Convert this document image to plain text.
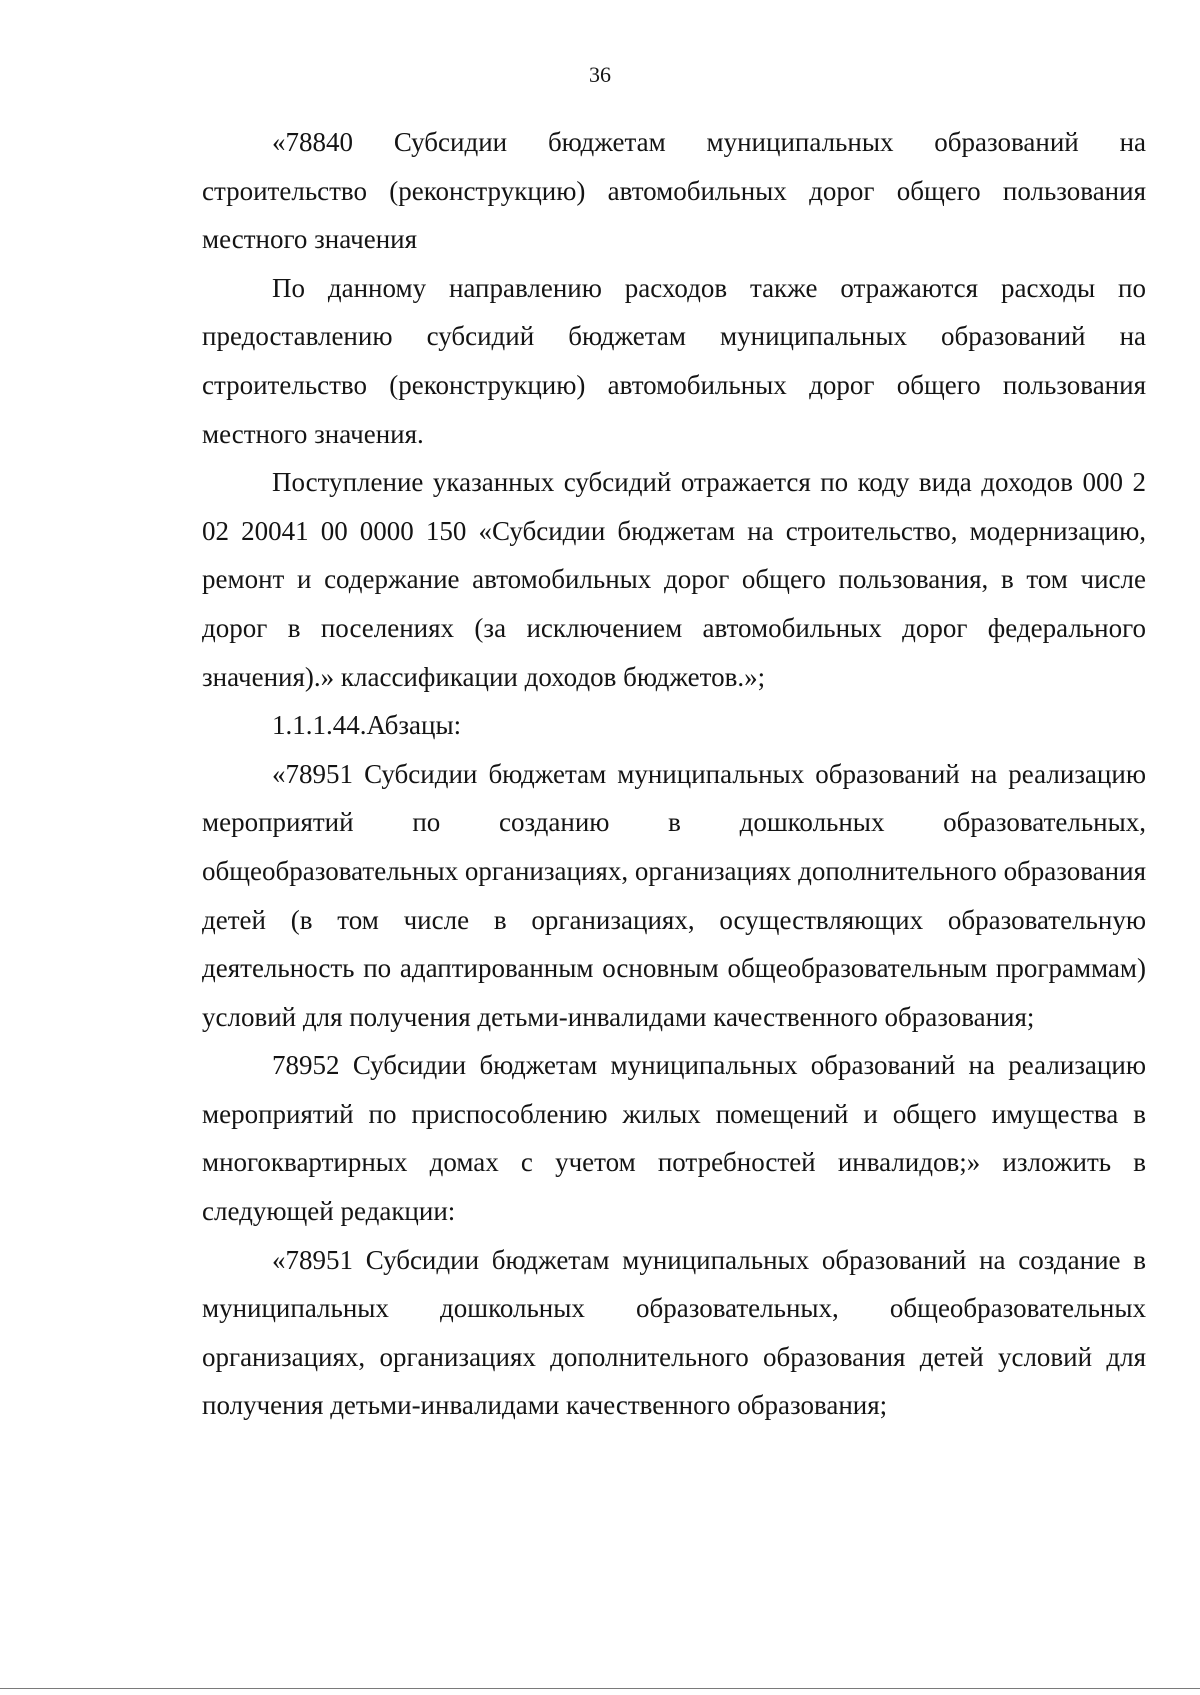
36

«78840 Субсидии бюджетам муниципальных образований на строительство (реконструкцию) автомобильных дорог общего пользования местного значения

По данному направлению расходов также отражаются расходы по предоставлению субсидий бюджетам муниципальных образований на строительство (реконструкцию) автомобильных дорог общего пользования местного значения.

Поступление указанных субсидий отражается по коду вида доходов 000 2 02 20041 00 0000 150 «Субсидии бюджетам на строительство, модернизацию, ремонт и содержание автомобильных дорог общего пользования, в том числе дорог в поселениях (за исключением автомобильных дорог федерального значения).» классификации доходов бюджетов.»;

1.1.1.44.Абзацы:

«78951 Субсидии бюджетам муниципальных образований на реализацию мероприятий по созданию в дошкольных образовательных, общеобразовательных организациях, организациях дополнительного образования детей (в том числе в организациях, осуществляющих образовательную деятельность по адаптированным основным общеобразовательным программам) условий для получения детьми-инвалидами качественного образования;

78952 Субсидии бюджетам муниципальных образований на реализацию мероприятий по приспособлению жилых помещений и общего имущества в многоквартирных домах с учетом потребностей инвалидов;» изложить в следующей редакции:

«78951 Субсидии бюджетам муниципальных образований на создание в муниципальных дошкольных образовательных, общеобразовательных организациях, организациях дополнительного образования детей условий для получения детьми-инвалидами качественного образования;
